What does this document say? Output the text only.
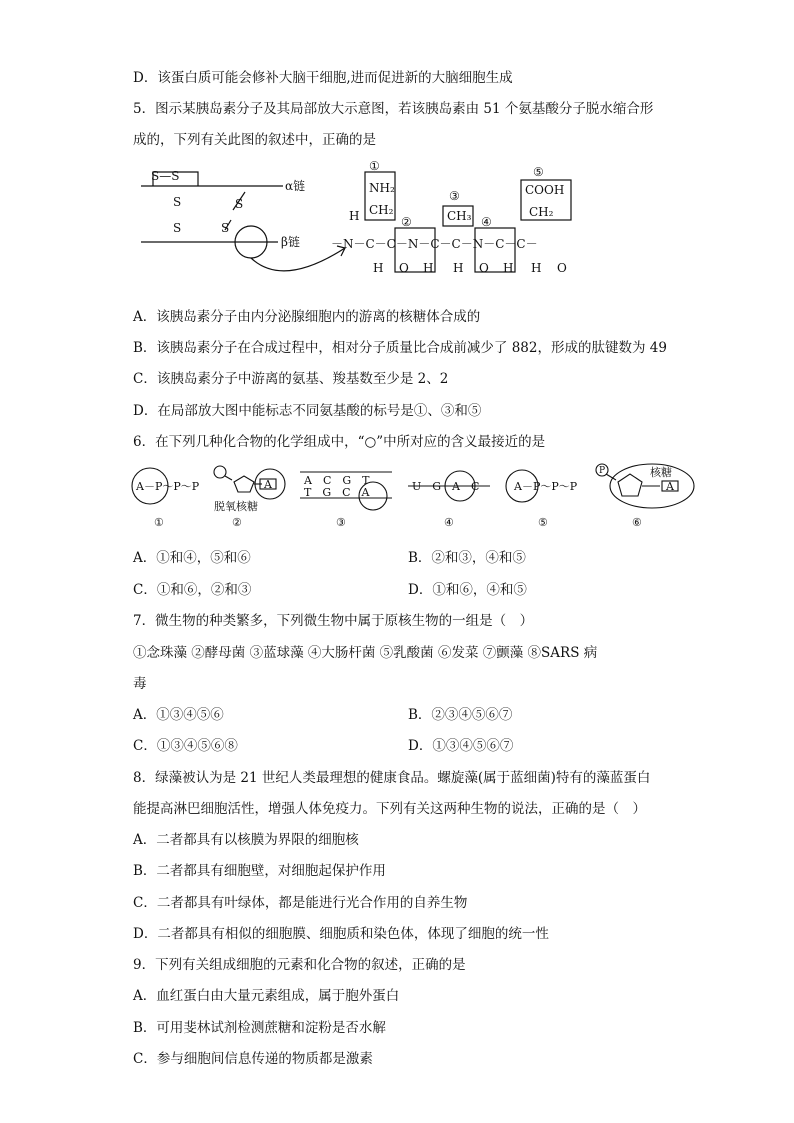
D．该蛋白质可能会修补大脑干细胞,进而促进新的大脑细胞生成
5．图示某胰岛素分子及其局部放大示意图，若该胰岛素由 51 个氨基酸分子脱水缩合形
成的，下列有关此图的叙述中，正确的是
S—S
α链
β链
S
S
S
S
①
②
③
④
⑤
NH₂
CH₂	CH₃
COOH
CH₂
H
－N－C－C－N－C－C－N－C－C－
H O H H O H H O
A．该胰岛素分子由内分泌腺细胞内的游离的核糖体合成的
B．该胰岛素分子在合成过程中，相对分子质量比合成前减少了 882，形成的肽键数为 49
C．该胰岛素分子中游离的氨基、羧基数至少是 2、2
D．在局部放大图中能标志不同氨基酸的标号是①、③和⑤
6．在下列几种化合物的化学组成中，“○”中所对应的含义最接近的是
A－P～P～P	A
脱氧核糖
A　C　G　T
T　G　C　A	U　G　A　C	A－P～P～P
P	核糖
A
①	②	③	④	⑤	⑥
A．①和④，⑤和⑥	B．②和③，④和⑤
C．①和⑥，②和③	D．①和⑥，④和⑤
7．微生物的种类繁多，下列微生物中属于原核生物的一组是（　）
①念珠藻 ②酵母菌 ③蓝球藻 ④大肠杆菌 ⑤乳酸菌 ⑥发菜 ⑦颤藻 ⑧SARS 病
毒
A．①③④⑤⑥	B．②③④⑤⑥⑦
C．①③④⑤⑥⑧	D．①③④⑤⑥⑦
8．绿藻被认为是 21 世纪人类最理想的健康食品。螺旋藻(属于蓝细菌)特有的藻蓝蛋白
能提高淋巴细胞活性，增强人体免疫力。下列有关这两种生物的说法，正确的是（　）
A．二者都具有以核膜为界限的细胞核
B．二者都具有细胞壁，对细胞起保护作用
C．二者都具有叶绿体，都是能进行光合作用的自养生物
D．二者都具有相似的细胞膜、细胞质和染色体，体现了细胞的统一性
9．下列有关组成细胞的元素和化合物的叙述，正确的是
A．血红蛋白由大量元素组成，属于胞外蛋白
B．可用斐林试剂检测蔗糖和淀粉是否水解
C．参与细胞间信息传递的物质都是激素
